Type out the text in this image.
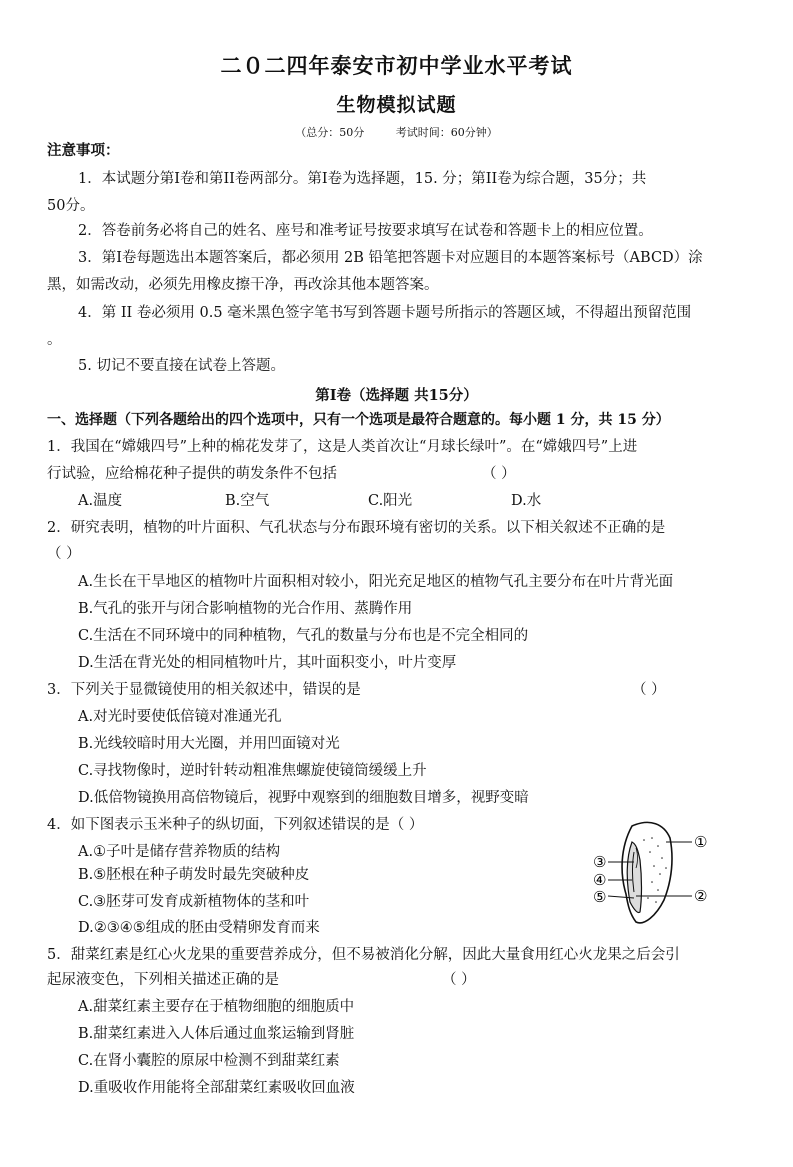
二０二四年泰安市初中学业水平考试
生物模拟试题
（总分：50分	考试时间：60分钟）
注意事项：
1．本试题分第Ⅰ卷和第II卷两部分。第Ⅰ卷为选择题，15. 分；第II卷为综合题，35分；共
50分。
2．答卷前务必将自己的姓名、座号和准考证号按要求填写在试卷和答题卡上的相应位置。
3．第Ⅰ卷每题选出本题答案后，都必须用 2B 铅笔把答题卡对应题目的本题答案标号（ABCD）涂
黑，如需改动，必须先用橡皮擦干净，再改涂其他本题答案。
4．第 II 卷必须用 0.5 毫米黑色签字笔书写到答题卡题号所指示的答题区域，不得超出预留范围
。
5. 切记不要直接在试卷上答题。
第Ⅰ卷（选择题 共15分）
一、选择题（下列各题给出的四个选项中，只有一个选项是最符合题意的。每小题 1 分，共 15 分）
1．我国在“嫦娥四号”上种的棉花发芽了，这是人类首次让“月球长绿叶”。在“嫦娥四号”上进
行试验，应给棉花种子提供的萌发条件不包括	（ ）
A.温度	B.空气	C.阳光	D.水
2．研究表明，植物的叶片面积、气孔状态与分布跟环境有密切的关系。以下相关叙述不正确的是
（ ）
A.生长在干旱地区的植物叶片面积相对较小，阳光充足地区的植物气孔主要分布在叶片背光面
B.气孔的张开与闭合影响植物的光合作用、蒸腾作用
C.生活在不同环境中的同种植物，气孔的数量与分布也是不完全相同的
D.生活在背光处的相同植物叶片，其叶面积变小，叶片变厚
3．下列关于显微镜使用的相关叙述中，错误的是	（ ）
A.对光时要使低倍镜对准通光孔
B.光线较暗时用大光圈，并用凹面镜对光
C.寻找物像时，逆时针转动粗准焦螺旋使镜筒缓缓上升
D.低倍物镜换用高倍物镜后，视野中观察到的细胞数目增多，视野变暗
4．如下图表示玉米种子的纵切面，下列叙述错误的是（ ）
A.①子叶是储存营养物质的结构
B.⑤胚根在种子萌发时最先突破种皮
C.③胚芽可发育成新植物体的茎和叶
D.②③④⑤组成的胚由受精卵发育而来
①
②
③
④
⑤
5．甜菜红素是红心火龙果的重要营养成分，但不易被消化分解，因此大量食用红心火龙果之后会引
起尿液变色，下列相关描述正确的是	（ ）
A.甜菜红素主要存在于植物细胞的细胞质中
B.甜菜红素进入人体后通过血浆运输到肾脏
C.在肾小囊腔的原尿中检测不到甜菜红素
D.重吸收作用能将全部甜菜红素吸收回血液
